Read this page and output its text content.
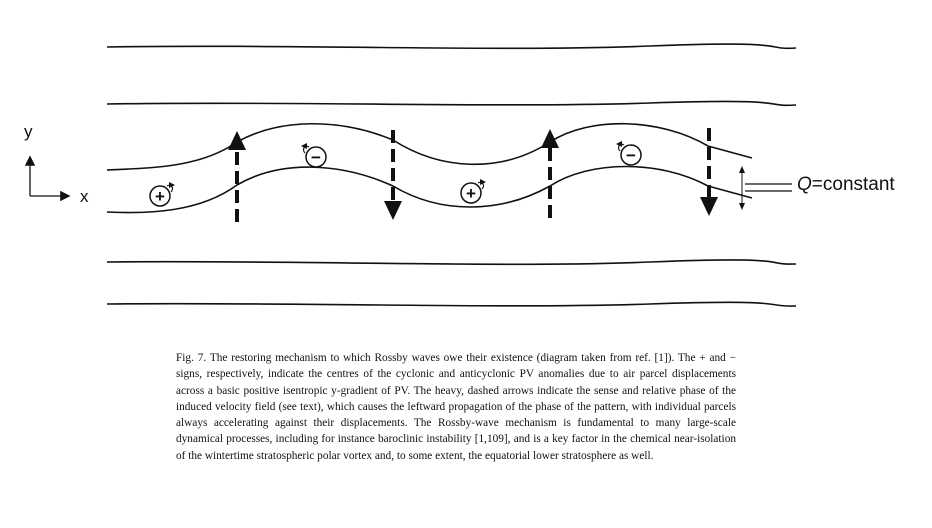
y
x	+
−
+
−
Q=constant
Fig. 7. The restoring mechanism to which Rossby waves owe their existence (diagram taken from ref. [1]). The + and − signs, respectively, indicate the centres of the cyclonic and anticyclonic PV anomalies due to air parcel displacements across a basic positive isentropic y-gradient of PV. The heavy, dashed arrows indicate the sense and relative phase of the induced velocity field (see text), which causes the leftward propagation of the phase of the pattern, with individual parcels always accelerating against their displacements. The Rossby-wave mechanism is fundamental to many large-scale dynamical processes, including for instance baroclinic instability [1,109], and is a key factor in the chemical near-isolation of the wintertime stratospheric polar vortex and, to some extent, the equatorial lower stratosphere as well.
